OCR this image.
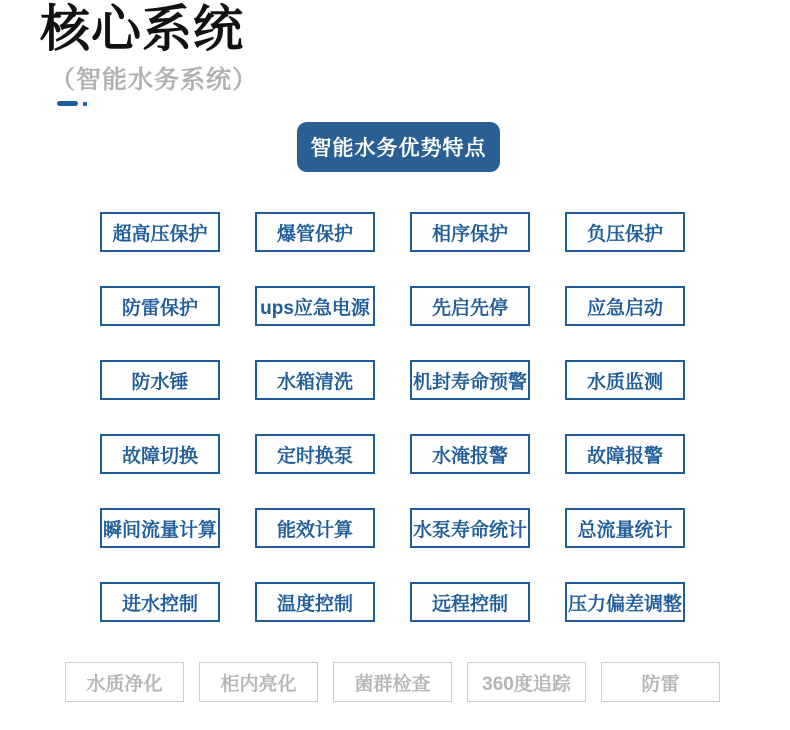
核心系统
（智能水务系统）
智能水务优势特点
超高压保护	爆管保护	相序保护	负压保护
防雷保护	ups应急电源	先启先停	应急启动
防水锤	水箱清洗	机封寿命预警	水质监测
故障切换	定时换泵	水淹报警	故障报警
瞬间流量计算	能效计算	水泵寿命统计	总流量统计
进水控制	温度控制	远程控制	压力偏差调整
水质净化	柜内亮化	菌群检查	360度追踪	防雷
